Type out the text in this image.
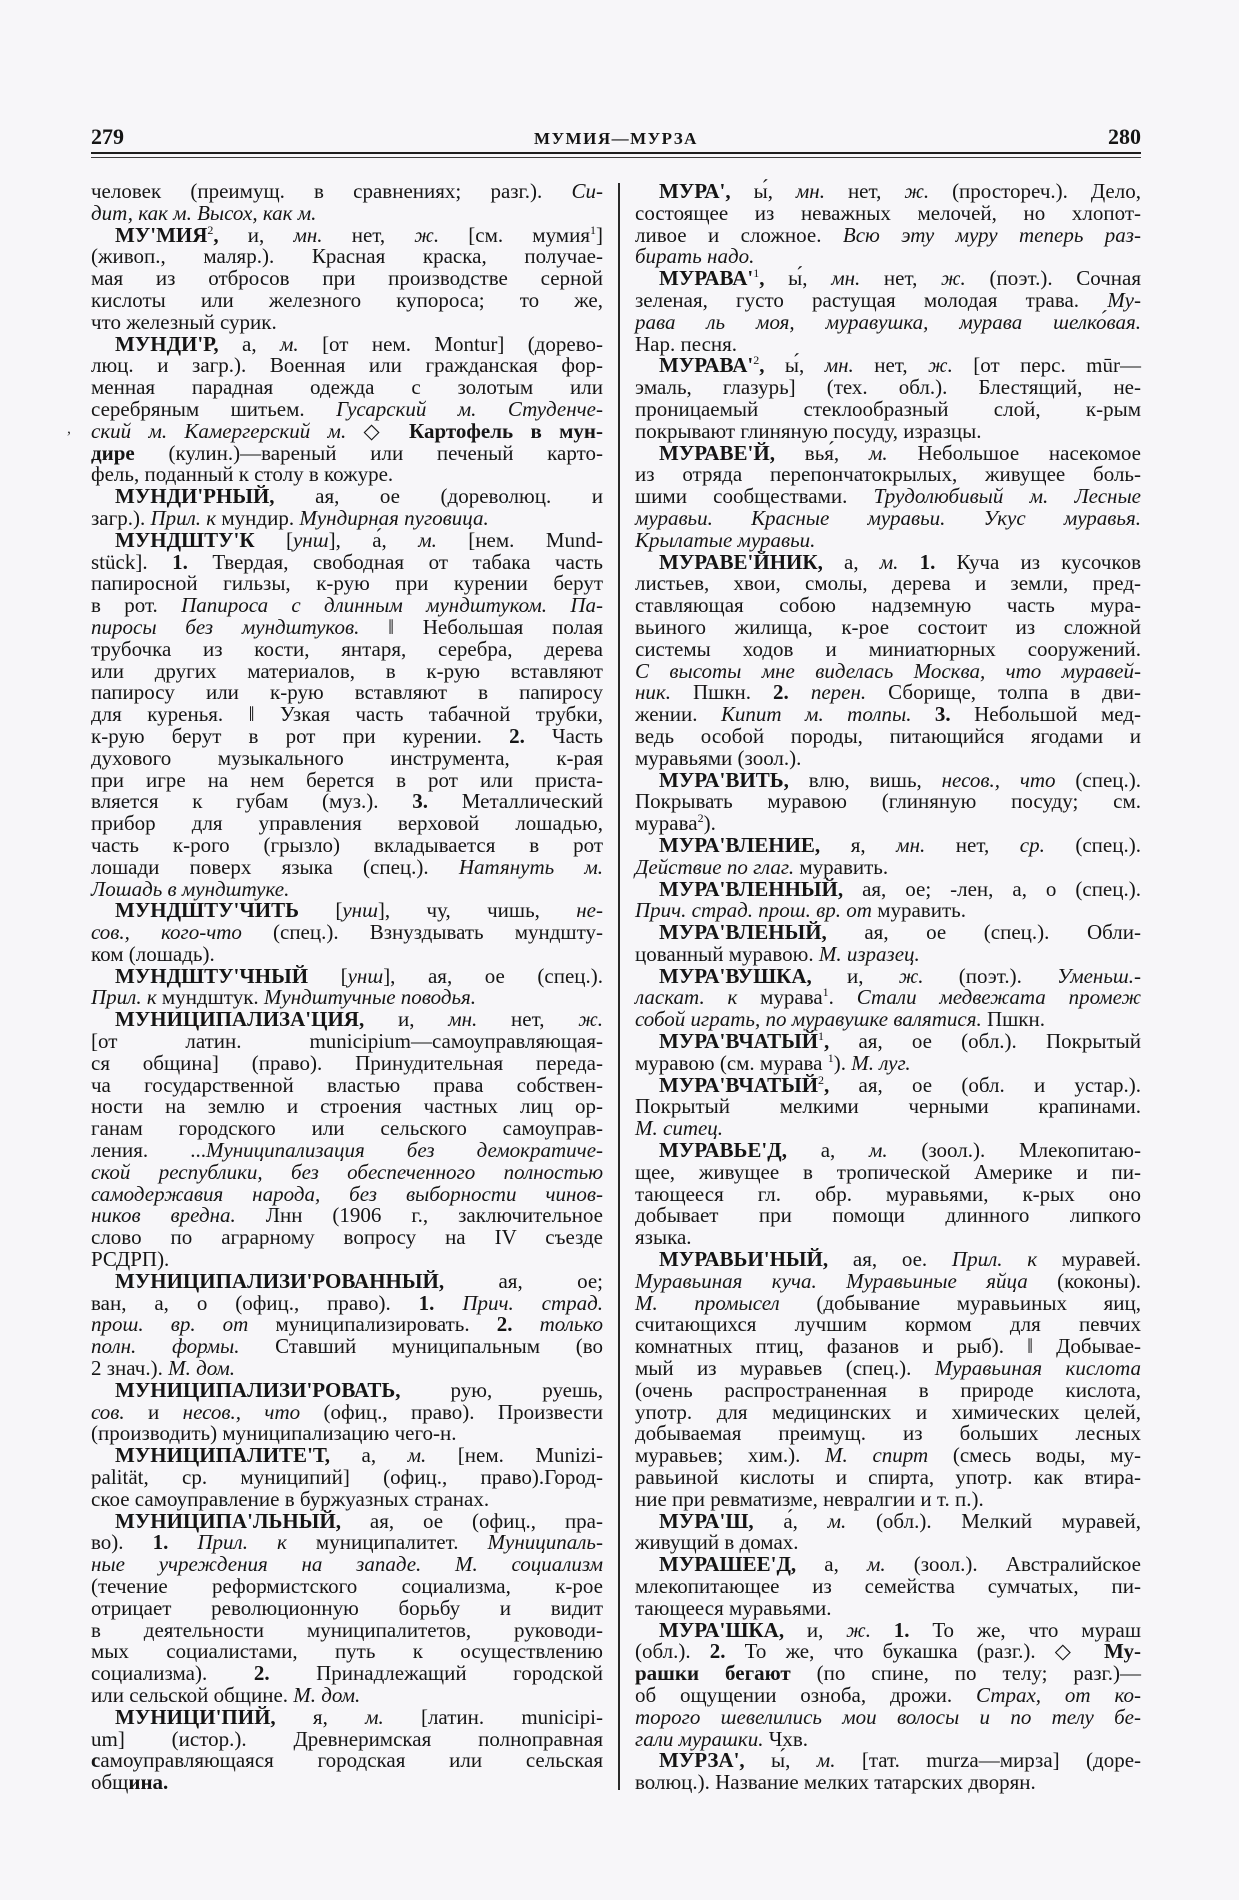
279	МУМИЯ—МУРЗА	280
,
человек (преимущ. в сравнениях; разг.). Си-
дит, как м. Высох, как м.
МУ'МИЯ$^2$, и, мн. нет, ж. [см. мумия$^1$]
(живоп., маляр.). Красная краска, получае-
мая из отбросов при производстве серной
кислоты или железного купороса; то же,
что железный сурик.
МУНДИ'Р, а, м. [от нем. Montur] (дорево-
люц. и загр.). Военная или гражданская фор-
менная парадная одежда с золотым или
серебряным шитьем. Гусарский м. Студенче-
ский м. Камергерский м. ◇ Картофель в мун-
дире (кулин.)—вареный или печеный карто-
фель, поданный к столу в кожуре.
МУНДИ'РНЫЙ, ая, ое (дореволюц. и
загр.). Прил. к мундир. Мундирная пуговица.
МУНДШТУ'К [унш], а́, м. [нем. Mund-
stück]. 1. Твердая, свободная от табака часть
папиросной гильзы, к-рую при курении берут
в рот. Папироса с длинным мундштуком. Па-
пиросы без мундштуков. ‖ Небольшая полая
трубочка из кости, янтаря, серебра, дерева
или других материалов, в к-рую вставляют
папиросу или к-рую вставляют в папиросу
для куренья. ‖ Узкая часть табачной трубки,
к-рую берут в рот при курении. 2. Часть
духового музыкального инструмента, к-рая
при игре на нем берется в рот или приста-
вляется к губам (муз.). 3. Металлический
прибор для управления верховой лошадью,
часть к-рого (грызло) вкладывается в рот
лошади поверх языка (спец.). Натянуть м.
Лошадь в мундштуке.
МУНДШТУ'ЧИТЬ [унш], чу, чишь, не-
сов., кого-что (спец.). Взнуздывать мундшту-
ком (лошадь).
МУНДШТУ'ЧНЫЙ [унш], ая, ое (спец.).
Прил. к мундштук. Мундштучные поводья.
МУНИЦИПАЛИЗА'ЦИЯ, и, мн. нет, ж.
[от латин. municipium—самоуправляющая-
ся община] (право). Принудительная переда-
ча государственной властью права собствен-
ности на землю и строения частных лиц ор-
ганам городского или сельского самоуправ-
ления. ...Муниципализация без демократиче-
ской республики, без обеспеченного полностью
самодержавия народа, без выборности чинов-
ников вредна. Лнн (1906 г., заключительное
слово по аграрному вопросу на IV съезде
РСДРП).
МУНИЦИПАЛИЗИ'РОВАННЫЙ, ая, ое;
ван, а, о (офиц., право). 1. Прич. страд.
прош. вр. от муниципализировать. 2. только
полн. формы. Ставший муниципальным (во
2 знач.). М. дом.
МУНИЦИПАЛИЗИ'РОВАТЬ, рую, руешь,
сов. и несов., что (офиц., право). Произвести
(производить) муниципализацию чего-н.
МУНИЦИПАЛИТЕ'Т, а, м. [нем. Munizi-
palität, ср. муниципий] (офиц., право).Город-
ское самоуправление в буржуазных странах.
МУНИЦИПА'ЛЬНЫЙ, ая, ое (офиц., пра-
во). 1. Прил. к муниципалитет. Муниципаль-
ные учреждения на западе. М. социализм
(течение реформистского социализма, к-рое
отрицает революционную борьбу и видит
в деятельности муниципалитетов, руководи-
мых социалистами, путь к осуществлению
социализма). 2. Принадлежащий городской
или сельской общине. М. дом.
МУНИЦИ'ПИЙ, я, м. [латин. municipi-
um] (истор.). Древнеримская полноправная
самоуправляющаяся городская или сельская
община.
МУРА', ы́, мн. нет, ж. (простореч.). Дело,
состоящее из неважных мелочей, но хлопот-
ливое и сложное. Всю эту муру теперь раз-
бирать надо.
$МУРАВА'^1$, ы́, мн. нет, ж. (поэт.). Сочная
зеленая, густо растущая молодая трава. Му-
рава ль моя, муравушка, мурава шелко́вая.
Нар. песня.
$МУРАВА'^2$, ы́, мн. нет, ж. [от перс. mūr—
эмаль, глазурь] (тех. обл.). Блестящий, не-
проницаемый стеклообразный слой, к-рым
покрывают глиняную посуду, изразцы.
МУРАВЕ'Й, вья́, м. Небольшое насекомое
из отряда перепончатокрылых, живущее боль-
шими сообществами. Трудолюбивый м. Лесные
муравьи. Красные муравьи. Укус муравья.
Крылатые муравьи.
МУРАВЕ'ЙНИК, а, м. 1. Куча из кусочков
листьев, хвои, смолы, дерева и земли, пред-
ставляющая собою надземную часть мура-
вьиного жилища, к-рое состоит из сложной
системы ходов и миниатюрных сооружений.
С высоты мне виделась Москва, что муравей-
ник. Пшкн. 2. перен. Сборище, толпа в дви-
жении. Кипит м. толпы. 3. Небольшой мед-
ведь особой породы, питающийся ягодами и
муравьями (зоол.).
МУРА'ВИТЬ, влю, вишь, несов., что (спец.).
Покрывать муравою (глиняную посуду; см.
мурава$^2$).
МУРА'ВЛЕНИЕ, я, мн. нет, ср. (спец.).
Действие по глаг. муравить.
МУРА'ВЛЕННЫЙ, ая, ое; -лен, а, о (спец.).
Прич. страд. прош. вр. от муравить.
МУРА'ВЛЕНЫЙ, ая, ое (спец.). Обли-
цованный муравою. М. изразец.
МУРА'ВУШКА, и, ж. (поэт.). Уменьш.-
ласкат. к мурава$^1$. Стали медвежата промеж
собой играть, по муравушке валятися. Пшкн.
МУРА'ВЧАТЫЙ$^1$, ая, ое (обл.). Покрытый
муравою (см. мурава $^1$). М. луг.
МУРА'ВЧАТЫЙ$^2$, ая, ое (обл. и устар.).
Покрытый мелкими черными крапинами.
М. ситец.
МУРАВЬЕ'Д, а, м. (зоол.). Млекопитаю-
щее, живущее в тропической Америке и пи-
тающееся гл. обр. муравьями, к-рых оно
добывает при помощи длинного липкого
языка.
МУРАВЬИ'НЫЙ, ая, ое. Прил. к муравей.
Муравьиная куча. Муравьиные яйца (коконы).
М. промысел (добывание муравьиных яиц,
считающихся лучшим кормом для певчих
комнатных птиц, фазанов и рыб). ‖ Добывае-
мый из муравьев (спец.). Муравьиная кислота
(очень распространенная в природе кислота,
употр. для медицинских и химических целей,
добываемая преимущ. из больших лесных
муравьев; хим.). М. спирт (смесь воды, му-
равьиной кислоты и спирта, употр. как втира-
ние при ревматизме, невралгии и т. п.).
МУРА'Ш, а́, м. (обл.). Мелкий муравей,
живущий в домах.
МУРАШЕЕ'Д, а, м. (зоол.). Австралийское
млекопитающее из семейства сумчатых, пи-
тающееся муравьями.
МУРА'ШКА, и, ж. 1. То же, что мураш
(обл.). 2. То же, что букашка (разг.). ◇ Му-
рашки бегают (по спине, по телу; разг.)—
об ощущении озноба, дрожи. Страх, от ко-
торого шевелились мои волосы и по телу бе-
гали мурашки. Чхв.
МУРЗА', ы́, м. [тат. murza—мирза] (доре-
волюц.). Название мелких татарских дворян.
